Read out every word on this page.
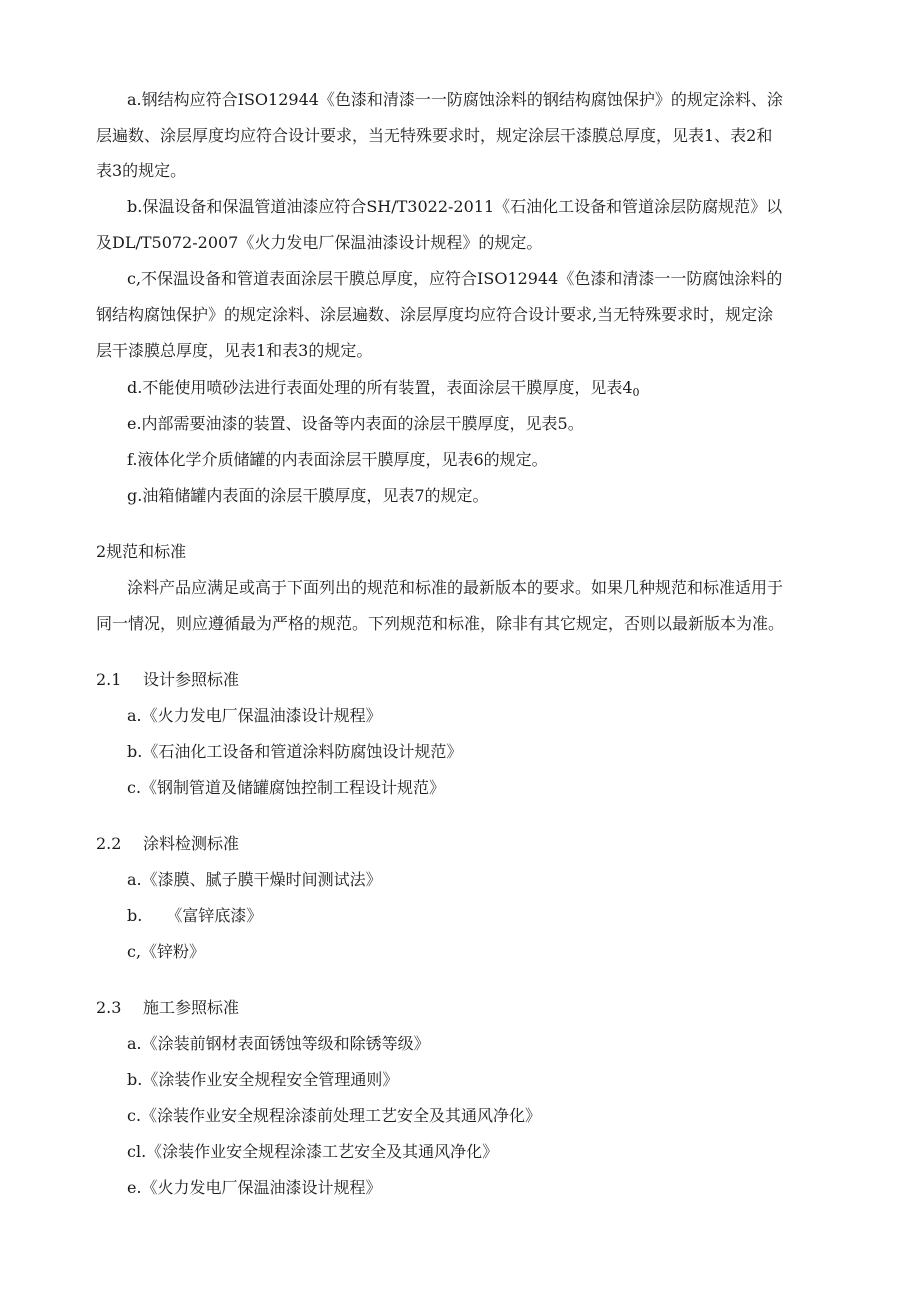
a.钢结构应符合ISO12944《色漆和清漆一一防腐蚀涂料的钢结构腐蚀保护》的规定涂料、涂
层遍数、涂层厚度均应符合设计要求，当无特殊要求时，规定涂层干漆膜总厚度，见表1、表2和
表3的规定。
b.保温设备和保温管道油漆应符合SH/T3022-2011《石油化工设备和管道涂层防腐规范》以
及DL/T5072-2007《火力发电厂保温油漆设计规程》的规定。
c,不保温设备和管道表面涂层干膜总厚度，应符合ISO12944《色漆和清漆一一防腐蚀涂料的
钢结构腐蚀保护》的规定涂料、涂层遍数、涂层厚度均应符合设计要求,当无特殊要求时，规定涂
层干漆膜总厚度，见表1和表3的规定。
d.不能使用喷砂法进行表面处理的所有装置，表面涂层干膜厚度，见表$4_0$
e.内部需要油漆的装置、设备等内表面的涂层干膜厚度，见表5。
f.液体化学介质储罐的内表面涂层干膜厚度，见表6的规定。
g.油箱储罐内表面的涂层干膜厚度，见表7的规定。
2规范和标准
涂料产品应满足或高于下面列出的规范和标准的最新版本的要求。如果几种规范和标准适用于
同一情况，则应遵循最为严格的规范。下列规范和标准，除非有其它规定，否则以最新版本为准。
2.1 设计参照标准
a.《火力发电厂保温油漆设计规程》
b.《石油化工设备和管道涂料防腐蚀设计规范》
c.《钢制管道及储罐腐蚀控制工程设计规范》
2.2 涂料检测标准
a.《漆膜、腻子膜干燥时间测试法》
b.　　《富锌底漆》
c,《锌粉》
2.3 施工参照标准
a.《涂装前钢材表面锈蚀等级和除锈等级》
b.《涂装作业安全规程安全管理通则》
c.《涂装作业安全规程涂漆前处理工艺安全及其通风净化》
cl.《涂装作业安全规程涂漆工艺安全及其通风净化》
e.《火力发电厂保温油漆设计规程》
